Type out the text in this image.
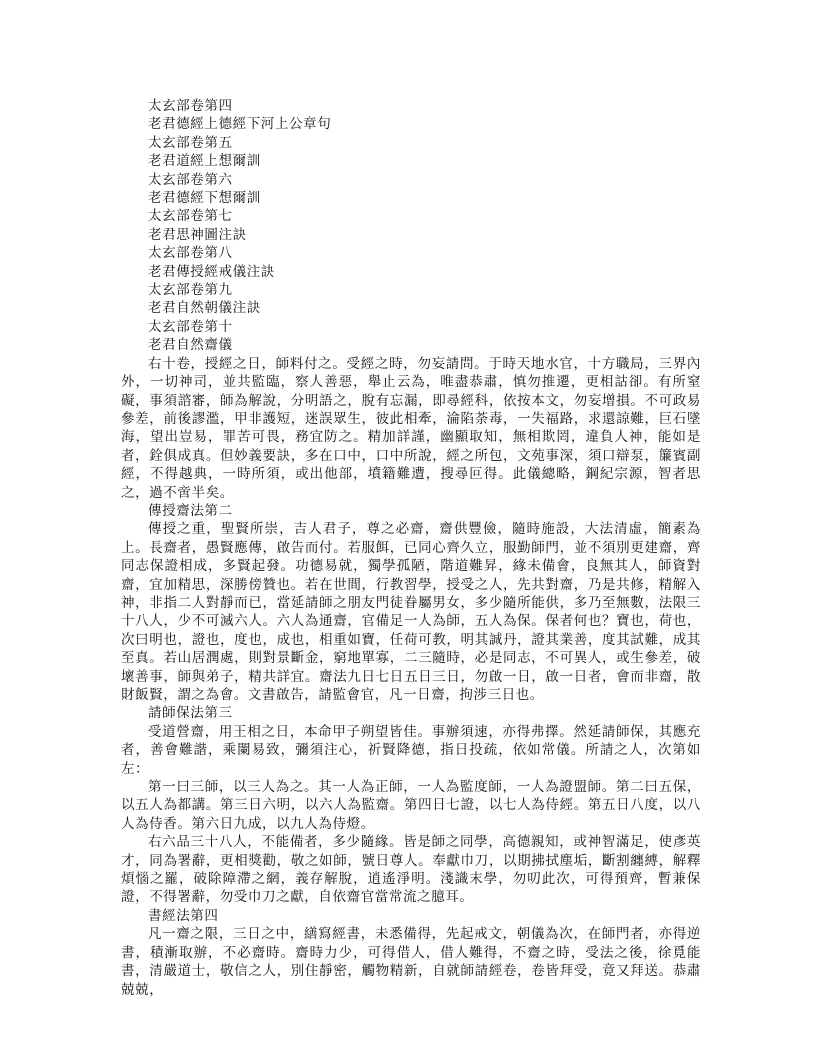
太玄部卷第四

老君德經上德經下河上公章句

太玄部卷第五

老君道經上想爾訓

太玄部卷第六

老君德經下想爾訓

太玄部卷第七

老君思神圖注訣

太玄部卷第八

老君傳授經戒儀注訣

太玄部卷第九

老君自然朝儀注訣

太玄部卷第十

老君自然齋儀

右十卷，授經之日，師料付之。受經之時，勿妄請問。于時天地水官，十方職局，三界內外，一切神司，並共監臨，察人善惡，舉止云為，唯盡恭肅，慎勿推遷，更相詁卻。有所窒礙，事須諮審，師為解說，分明語之，脫有忘漏，即尋經科，依按本文，勿妄增損。不可政易參差，前後謬濫，甲非護短，迷誤眾生，彼此相牽，淪陷荼毒，一失福路，求還諒難，巨石墜海，望出豈易，罪苦可畏，務宜防之。精加詳謹，幽顯取知，無相欺罔，違負人神，能如是者，銓俱成真。但妙義要訣，多在口中，口中所說，經之所包，文苑事深，須口辯泵，簾賓副經，不得越典，一時所須，或出他部，墳籍難遭，搜尋叵得。此儀總略，鋼紀宗源，智者思之，過不啻半矣。

傳授齋法第二

傳授之重，聖賢所崇，吉人君子，尊之必齋，齋供豐儉，隨時施設，大法清虛，簡素為上。長齋者，愚賢應傳，啟告而付。若服餌，已同心齊久立，服勤師門，並不須別更建齋，齊同志保證相成，多賢起發。功德易就，獨學孤陋，階道難昇，緣未備會，良無其人，師資對齋，宜加精思，深勝傍贊也。若在世間，行教習學，授受之人，先共對齋，乃是共修，精解入神，非指二人對靜而已，當延請師之朋友門徒眷屬男女，多少隨所能供，多乃至無數，法限三十八人，少不可滅六人。六人為通齋，官備足一人為師，五人為保。保者何也？寶也，荷也，次曰明也，證也，度也，成也，相重如寶，任荷可教，明其誠丹，證其業善，度其試難，成其至真。若山居潤處，則對景斷金，窮地單寡，二三隨時，必是同志，不可異人，或生參差，破壞善事，師與弟子，精共詳宜。齋法九日七日五日三日，勿啟一日，啟一日者，會而非齋，散財飯賢，謂之為會。文書啟告，請監會官，凡一日齋，拘涉三日也。

請師保法第三

受道營齋，用王相之日，本命甲子朔望皆佳。事辦須速，亦得弗擇。然延請師保，其應充者，善會難諧，乘闌易致，彌須注心，祈賢降德，指日投疏，依如常儀。所請之人，次第如左：

第一曰三師，以三人為之。其一人為正師，一人為監度師，一人為證盟師。第二曰五保，以五人為都講。第三日六明，以六人為監齋。第四日七證，以七人為侍經。第五日八度，以八人為侍香。第六日九成，以九人為侍燈。

右六品三十八人，不能備者，多少隨緣。皆是師之同學，高德親知，或神智滿足，使彥英才，同為署辭，更相獎勸，敬之如師，號日尊人。奉獻巾刀，以期拂拭塵垢，斷割纏縛，解釋煩惱之羅，破除障滯之網，義存解脫，逍遙淨明。淺識末學，勿叨此次，可得預齊，暫兼保證，不得署辭，勿受巾刀之獻，自依齋官當常流之臆耳。

書經法第四

凡一齋之限，三日之中，繕寫經書，未悉備得，先起戒文，朝儀為次，在師門者，亦得逆書，積漸取辦，不必齋時。齋時力少，可得借人，借人難得，不齋之時，受法之後，徐覓能書，清嚴道士，敬信之人，別住靜密，觸物精新，自就師請經卷，卷皆拜受，竟又拜送。恭肅兢兢，
